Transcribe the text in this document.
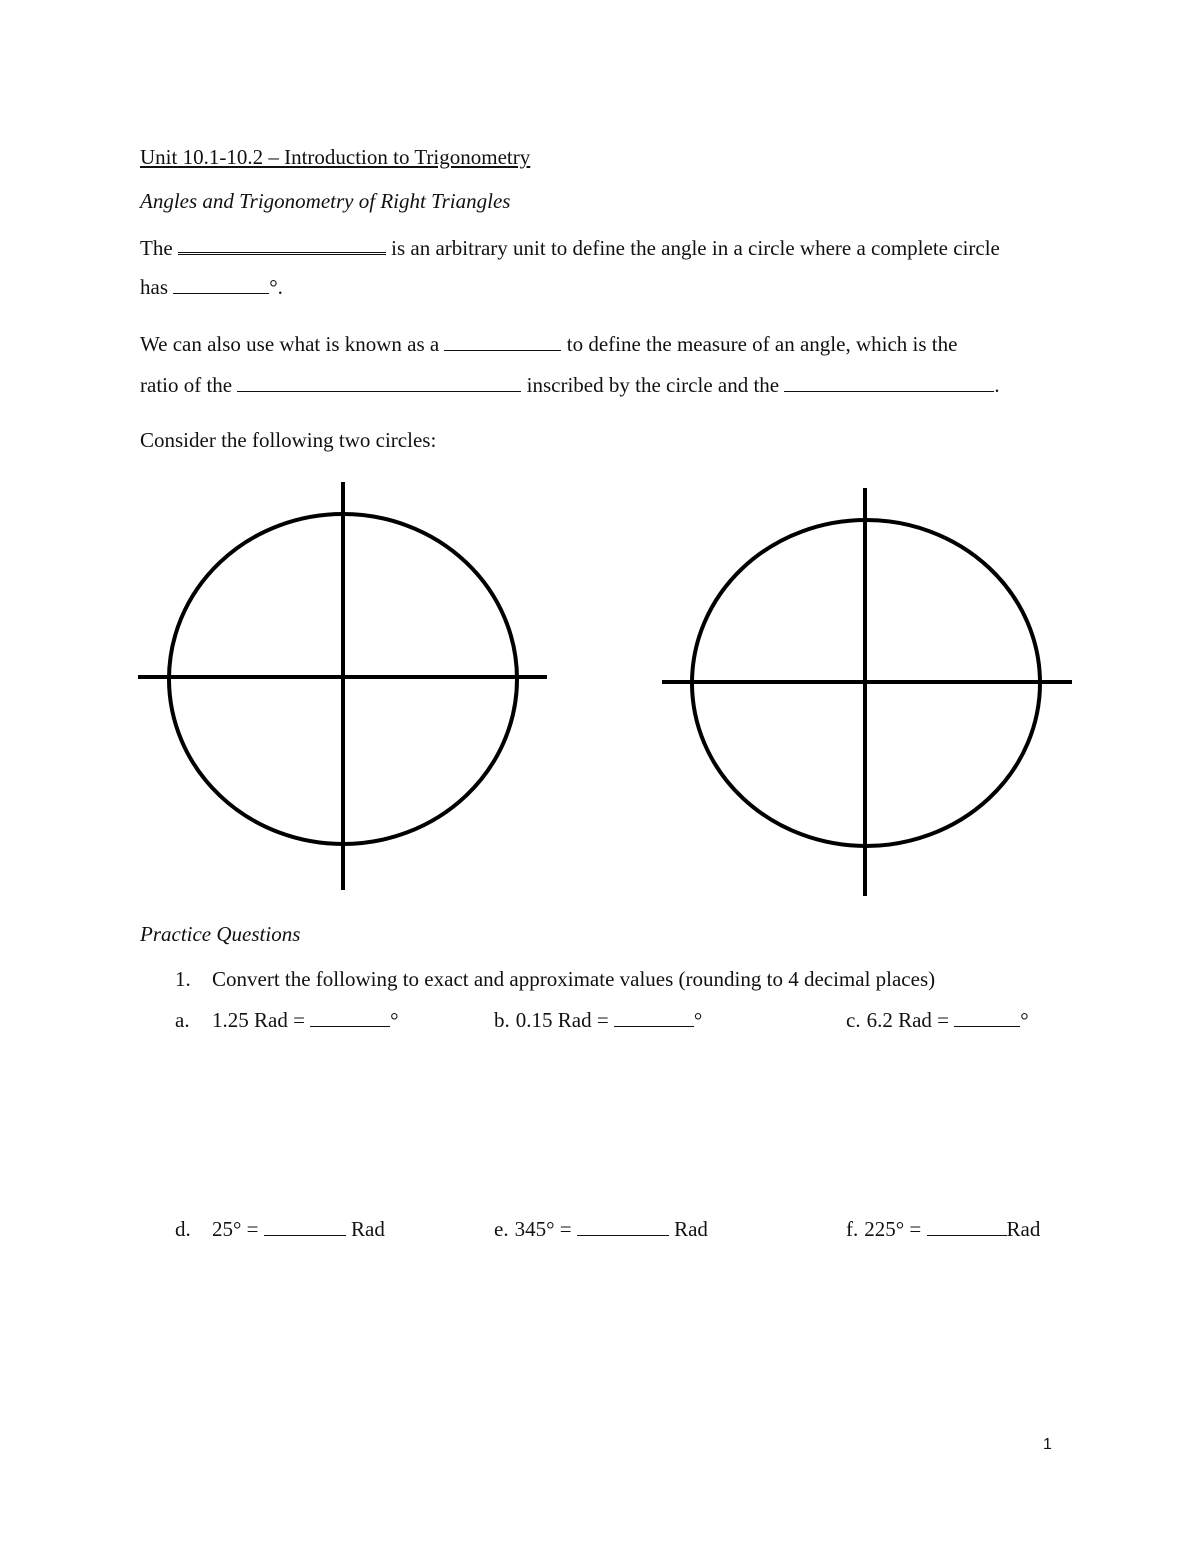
Unit 10.1-10.2 – Introduction to Trigonometry
Angles and Trigonometry of Right Triangles
The	is an arbitrary unit to define the angle in a circle where a complete circle
has	°.
We can also use what is known as a	to define the measure of an angle, which is the
ratio of the	inscribed by the circle and the	.
Consider the following two circles:
Practice Questions
1. Convert the following to exact and approximate values (rounding to 4 decimal places)
a. 1.25 Rad =	°	b. 0.15 Rad =	°	c. 6.2 Rad =	°
d. 25° =	Rad	e. 345° =	Rad	f. 225° =	Rad
1
